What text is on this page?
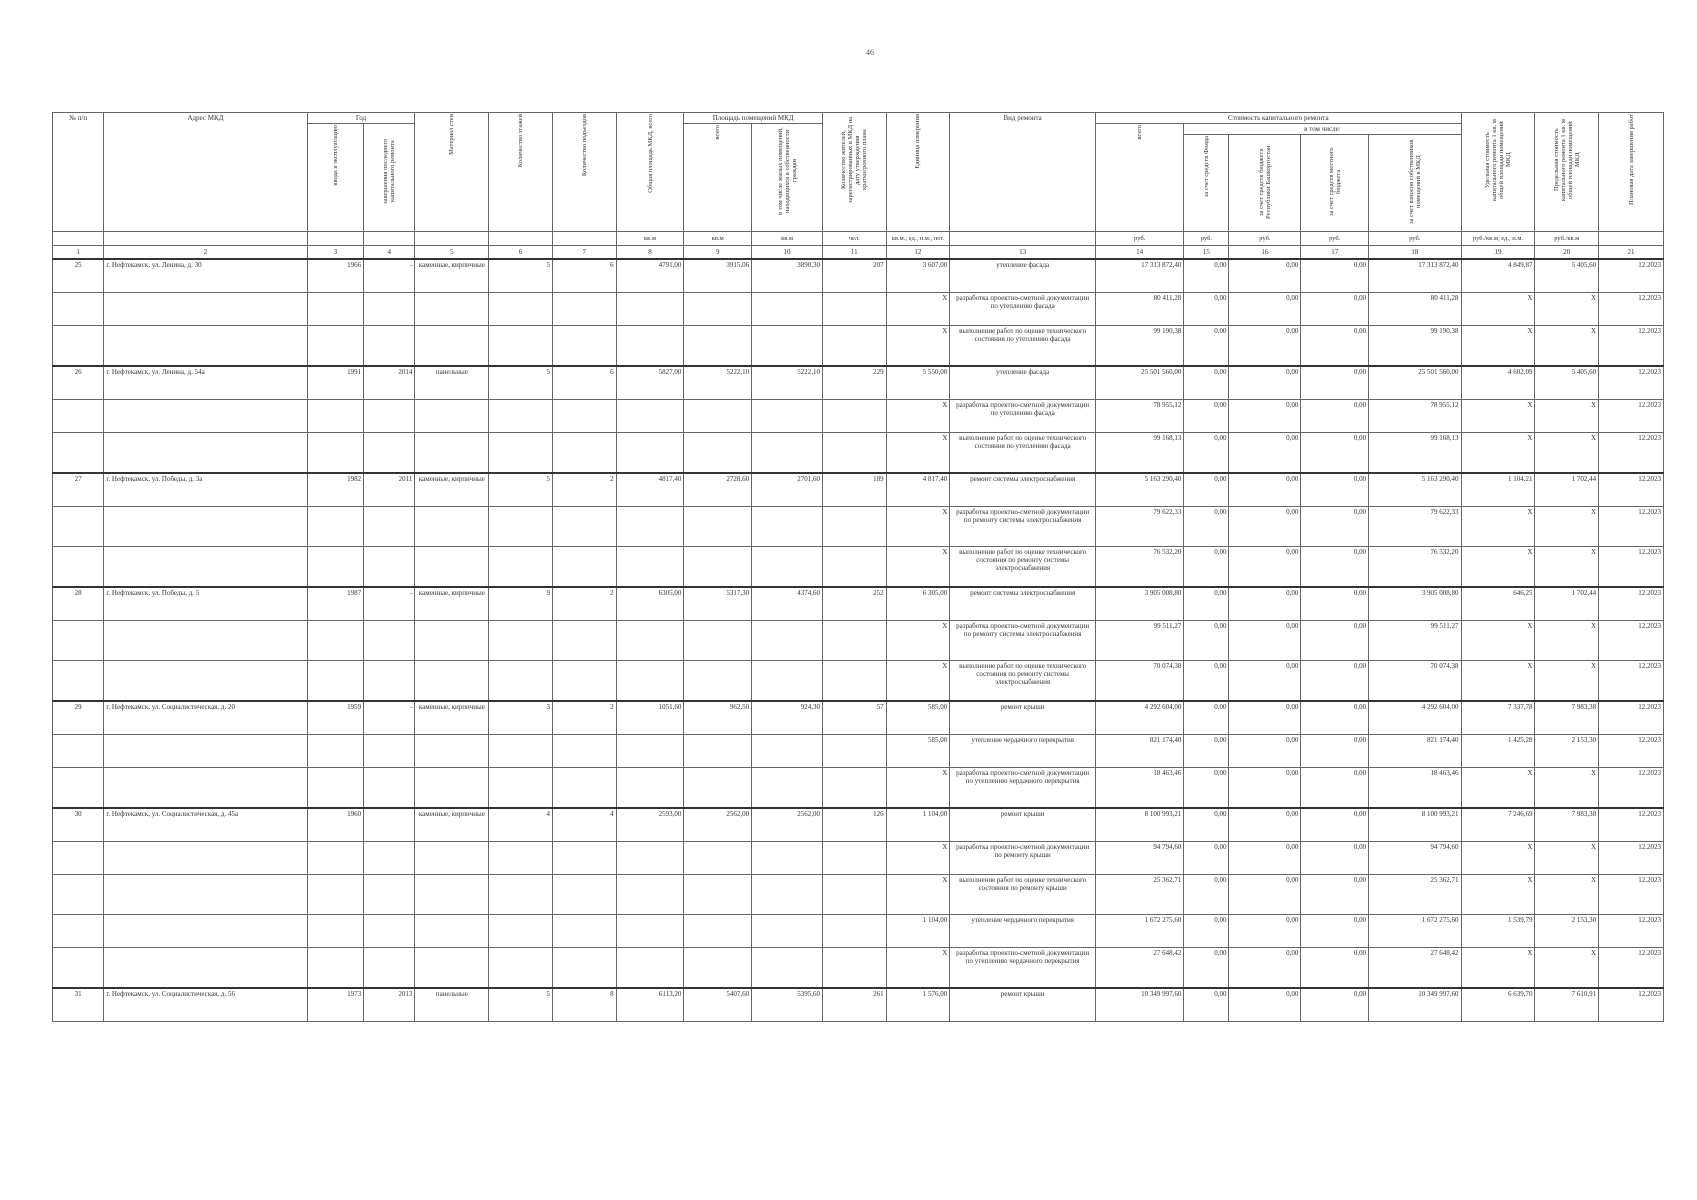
46
№ п/п	Адрес МКД	Год		Материал стен	Количество этажей	Количество подъездов	Общая площадь МКД, всего	Площадь помещений МКД		Количество жителей, зарегистрированных в МКД на дату утверждения краткосрочного плана	Единица измерения	Вид ремонта	Стоимость капитального ремонта					Удельная стоимость капитального ремонта 1 кв. м общей площади помещений МКД	Предельная стоимость капитального ремонта 1 кв. м общей площади помещений МКД	Плановая дата завершения работ
		ввода в эксплуатацию	завершения последнего капитального ремонта					всего	в том числе жилых помещений, находящихся в собственности граждан				всего	в том числе:						
														за счет средств Фонда	за счет средств бюджета Республики Башкортостан	за счет средств местного бюджета	за счет взносов собственников помещений в МКД			
							кв.м	кв.м	кв.м	чел.	кв.м., ед., п.м., пог.		руб.	руб.	руб.	руб.	руб.	руб./кв.м, ед., п.м.	руб./кв.м	
1	2	3	4	5	6	7	8	9	10	11	12	13	14	15	16	17	18	19	20	21
25	г. Нефтекамск, ул. Ленина, д. 30	1966	-	каменные, кирпичные	5	6	4791,00	3915,06	3890,30	207	3 607,00	утепление фасада	17 313 872,40	0,00	0,00	0,00	17 313 872,40	4 849,87	5 405,60	12.2023
											X	разработка проектно-сметной документации по утеплению фасада	80 411,28	0,00	0,00	0,00	80 411,28	X	X	12.2023
											X	выполнение работ по оценке технического состояния по утеплению фасада	99 190,38	0,00	0,00	0,00	99 190,38	X	X	12.2023
26	г. Нефтекамск, ул. Ленина, д. 54а	1991	2014	панельные	5	6	5827,00	5222,10	5222,10	229	5 550,00	утепление фасада	25 501 560,00	0,00	0,00	0,00	25 501 560,00	4 602,09	5 405,60	12.2023
											X	разработка проектно-сметной документации по утеплению фасада	78 955,12	0,00	0,00	0,00	78 955,12	X	X	12.2023
											X	выполнение работ по оценке технического состояния по утеплению фасада	99 168,13	0,00	0,00	0,00	99 168,13	X	X	12.2023
27	г. Нефтекамск, ул. Победы, д. 3а	1982	2011	каменные, кирпичные	5	2	4817,40	2728,60	2701,60	189	4 817,40	ремонт системы электроснабжения	5 163 290,40	0,00	0,00	0,00	5 163 290,40	1 104,21	1 702,44	12.2023
											X	разработка проектно-сметной документации по ремонту системы электроснабжения	79 622,33	0,00	0,00	0,00	79 622,33	X	X	12.2023
											X	выполнение работ по оценке технического состояния по ремонту системы электроснабжения	76 532,20	0,00	0,00	0,00	76 532,20	X	X	12.2023
28	г. Нефтекамск, ул. Победы, д. 5	1987	-	каменные, кирпичные	9	2	6305,00	5317,30	4374,60	252	6 305,00	ремонт системы электроснабжения	3 905 008,80	0,00	0,00	0,00	3 905 008,80	646,25	1 702,44	12.2023
											X	разработка проектно-сметной документации по ремонту системы электроснабжения	99 511,27	0,00	0,00	0,00	99 511,27	X	X	12.2023
											X	выполнение работ по оценке технического состояния по ремонту системы электроснабжения	70 074,38	0,00	0,00	0,00	70 074,38	X	X	12.2023
29	г. Нефтекамск, ул. Социалистическая, д. 20	1959	-	каменные, кирпичные	3	2	1051,60	962,50	924,30	57	585,00	ремонт крыши	4 292 604,00	0,00	0,00	0,00	4 292 604,00	7 337,78	7 983,38	12.2023
											585,00	утепление чердачного перекрытия	821 174,40	0,00	0,00	0,00	821 174,40	1 425,28	2 153,30	12.2023
											X	разработка проектно-сметной документации по утеплению чердачного перекрытия	18 463,46	0,00	0,00	0,00	18 463,46	X	X	12.2023
30	г. Нефтекамск, ул. Социалистическая, д. 45а	1960		каменные, кирпичные	4	4	2593,00	2562,00	2562,00	126	1 104,00	ремонт крыши	8 100 993,21	0,00	0,00	0,00	8 100 993,21	7 246,69	7 983,38	12.2023
											X	разработка проектно-сметной документации по ремонту крыши	94 794,60	0,00	0,00	0,00	94 794,60	X	X	12.2023
											X	выполнение работ по оценке технического состояния по ремонту крыши	25 362,71	0,00	0,00	0,00	25 362,71	X	X	12.2023
											1 104,00	утепление чердачного перекрытия	1 672 275,60	0,00	0,00	0,00	1 672 275,60	1 539,79	2 153,30	12.2023
											X	разработка проектно-сметной документации по утеплению чердачного перекрытия	27 648,42	0,00	0,00	0,00	27 648,42	X	X	12.2023
31	г. Нефтекамск, ул. Социалистическая, д. 56	1973	2013	панельные	5	8	6113,20	5407,60	5395,60	261	1 576,00	ремонт крыши	10 349 997,60	0,00	0,00	0,00	10 349 997,60	6 639,70	7 610,91	12.2023
